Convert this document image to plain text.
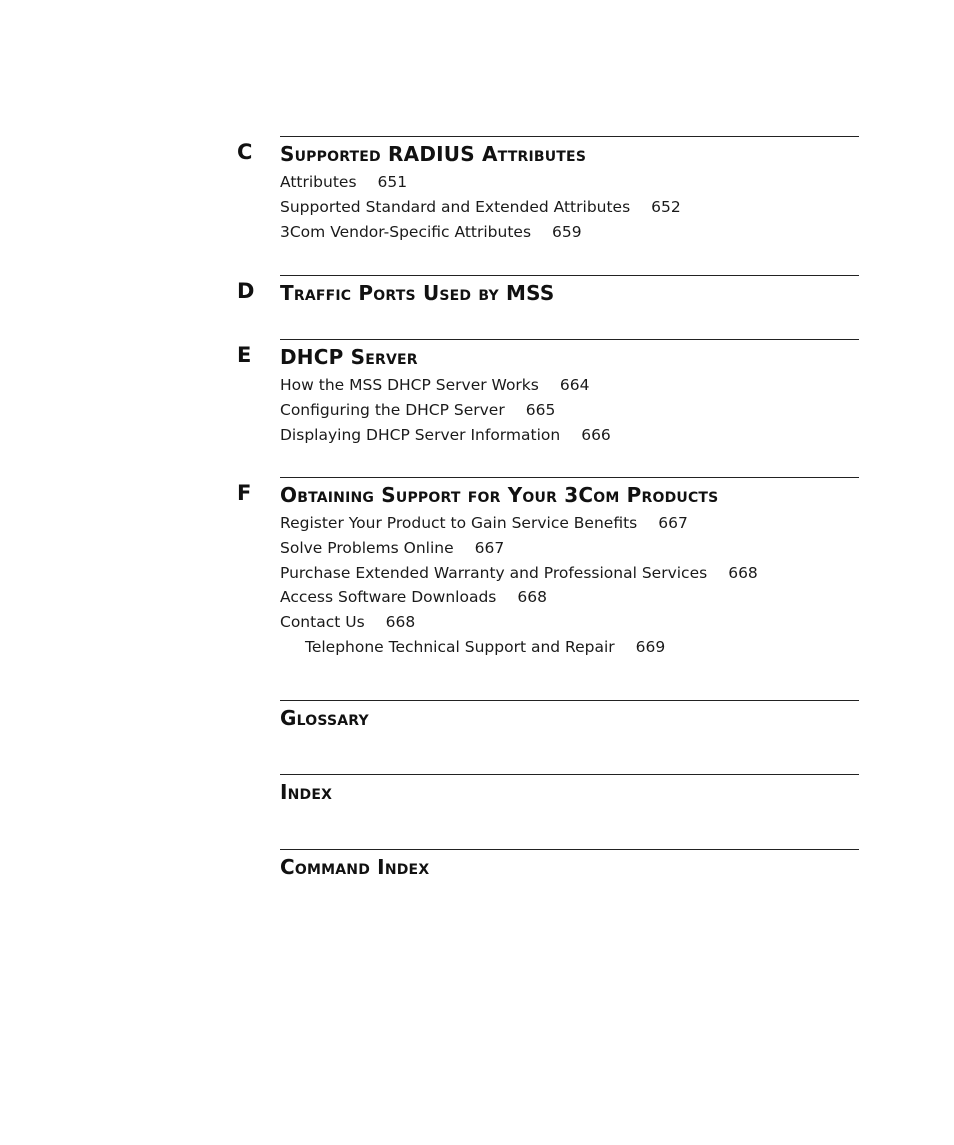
C Supported RADIUS Attributes
Attributes 651
Supported Standard and Extended Attributes 652
3Com Vendor-Specific Attributes 659
D Traffic Ports Used by MSS
E DHCP Server
How the MSS DHCP Server Works 664
Configuring the DHCP Server 665
Displaying DHCP Server Information 666
F Obtaining Support for Your 3Com Products
Register Your Product to Gain Service Benefits 667
Solve Problems Online 667
Purchase Extended Warranty and Professional Services 668
Access Software Downloads 668
Contact Us 668
Telephone Technical Support and Repair 669
Glossary
Index
Command Index
